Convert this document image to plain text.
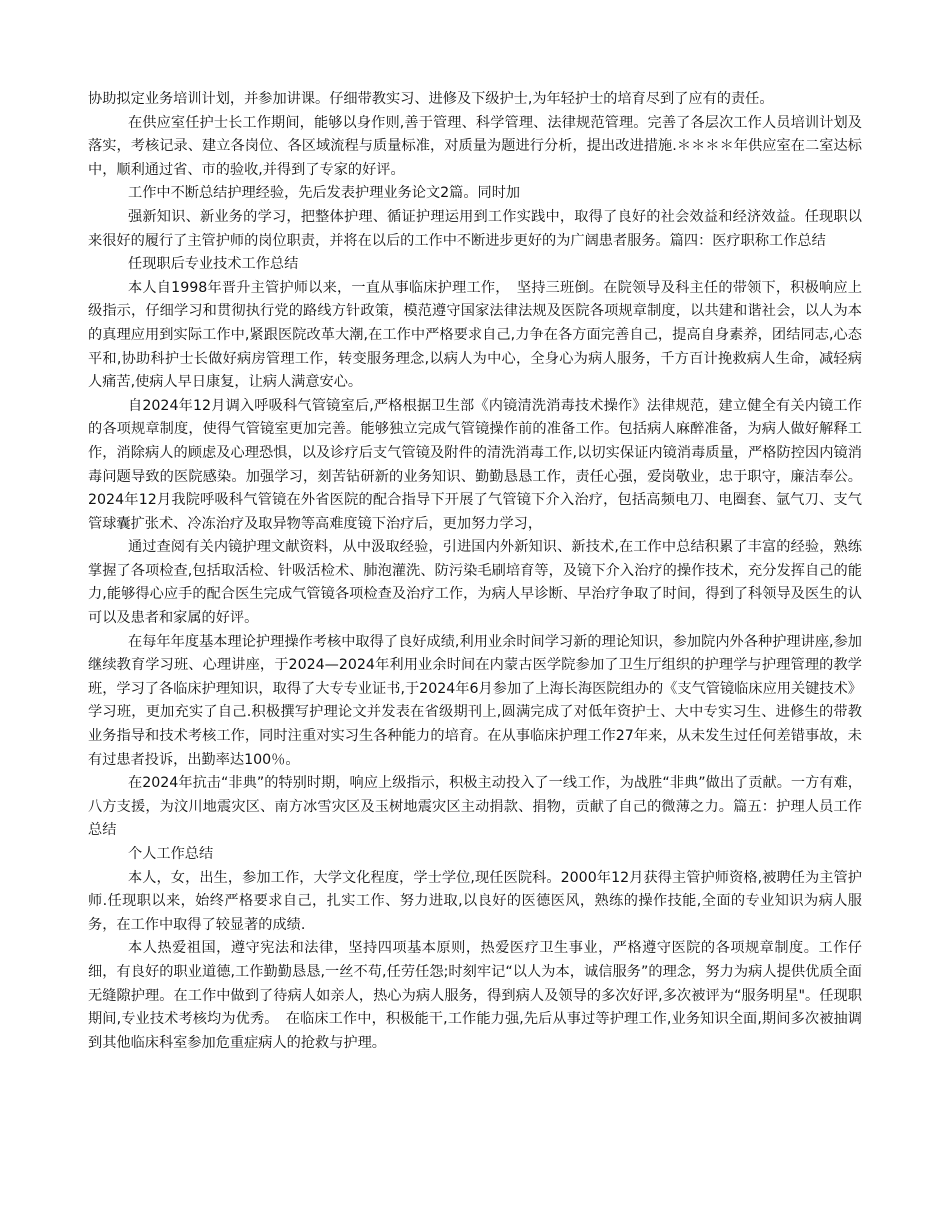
协助拟定业务培训计划，并参加讲课。仔细带教实习、进修及下级护士,为年轻护士的培育尽到了应有的责任。

在供应室任护士长工作期间，能够以身作则,善于管理、科学管理、法律规范管理。完善了各层次工作人员培训计划及落实，考核记录、建立各岗位、各区域流程与质量标准，对质量为题进行分析，提出改进措施.＊＊＊＊年供应室在二室达标中，顺利通过省、市的验收,并得到了专家的好评。

工作中不断总结护理经验，先后发表护理业务论文2篇。同时加

强新知识、新业务的学习，把整体护理、循证护理运用到工作实践中，取得了良好的社会效益和经济效益。任现职以来很好的履行了主管护师的岗位职责，并将在以后的工作中不断进步更好的为广阔患者服务。篇四：医疗职称工作总结

任现职后专业技术工作总结

本人自1998年晋升主管护师以来，一直从事临床护理工作，　坚持三班倒。在院领导及科主任的带领下，积极响应上级指示，仔细学习和贯彻执行党的路线方针政策，模范遵守国家法律法规及医院各项规章制度，以共建和谐社会，以人为本的真理应用到实际工作中,紧跟医院改革大潮,在工作中严格要求自己,力争在各方面完善自己，提高自身素养，团结同志,心态平和,协助科护士长做好病房管理工作，转变服务理念,以病人为中心，全身心为病人服务，千方百计挽救病人生命，减轻病人痛苦,使病人早日康复，让病人满意安心。

自2024年12月调入呼吸科气管镜室后,严格根据卫生部《内镜清洗消毒技术操作》法律规范，建立健全有关内镜工作的各项规章制度，使得气管镜室更加完善。能够独立完成气管镜操作前的准备工作。包括病人麻醉准备，为病人做好解释工作，消除病人的顾虑及心理恐惧，以及诊疗后支气管镜及附件的清洗消毒工作,以切实保证内镜消毒质量，严格防控因内镜消毒问题导致的医院感染。加强学习，刻苦钻研新的业务知识、勤勤恳恳工作，责任心强，爱岗敬业，忠于职守，廉洁奉公。2024年12月我院呼吸科气管镜在外省医院的配合指导下开展了气管镜下介入治疗，包括高频电刀、电圈套、氩气刀、支气管球囊扩张术、冷冻治疗及取异物等高难度镜下治疗后，更加努力学习，

通过查阅有关内镜护理文献资料，从中汲取经验，引进国内外新知识、新技术,在工作中总结积累了丰富的经验，熟练掌握了各项检查,包括取活检、针吸活检术、肺泡灌洗、防污染毛刷培育等，及镜下介入治疗的操作技术，充分发挥自己的能力,能够得心应手的配合医生完成气管镜各项检查及治疗工作，为病人早诊断、早治疗争取了时间，得到了科领导及医生的认可以及患者和家属的好评。

在每年年度基本理论护理操作考核中取得了良好成绩,利用业余时间学习新的理论知识，参加院内外各种护理讲座,参加继续教育学习班、心理讲座，于2024—2024年利用业余时间在内蒙古医学院参加了卫生厅组织的护理学与护理管理的教学班，学习了各临床护理知识，取得了大专专业证书,于2024年6月参加了上海长海医院组办的《支气管镜临床应用关键技术》学习班，更加充实了自己.积极撰写护理论文并发表在省级期刊上,圆满完成了对低年资护士、大中专实习生、进修生的带教业务指导和技术考核工作，同时注重对实习生各种能力的培育。在从事临床护理工作27年来，从未发生过任何差错事故，未有过患者投诉，出勤率达100％。

在2024年抗击“非典”的特别时期，响应上级指示，积极主动投入了一线工作，为战胜“非典”做出了贡献。一方有难，八方支援，为汶川地震灾区、南方冰雪灾区及玉树地震灾区主动捐款、捐物，贡献了自己的微薄之力。篇五：护理人员工作总结

个人工作总结

本人，女，出生，参加工作，大学文化程度，学士学位,现任医院科。2000年12月获得主管护师资格,被聘任为主管护师.任现职以来，始终严格要求自己，扎实工作、努力进取,以良好的医德医风，熟练的操作技能,全面的专业知识为病人服务，在工作中取得了较显著的成绩.

本人热爱祖国，遵守宪法和法律，坚持四项基本原则，热爱医疗卫生事业，严格遵守医院的各项规章制度。工作仔细，有良好的职业道德,工作勤勤恳恳,一丝不苟,任劳任怨;时刻牢记“以人为本，诚信服务”的理念，努力为病人提供优质全面无缝隙护理。在工作中做到了待病人如亲人，热心为病人服务，得到病人及领导的多次好评,多次被评为“服务明星"。任现职期间,专业技术考核均为优秀。　在临床工作中，积极能干,工作能力强,先后从事过等护理工作,业务知识全面,期间多次被抽调到其他临床科室参加危重症病人的抢救与护理。
